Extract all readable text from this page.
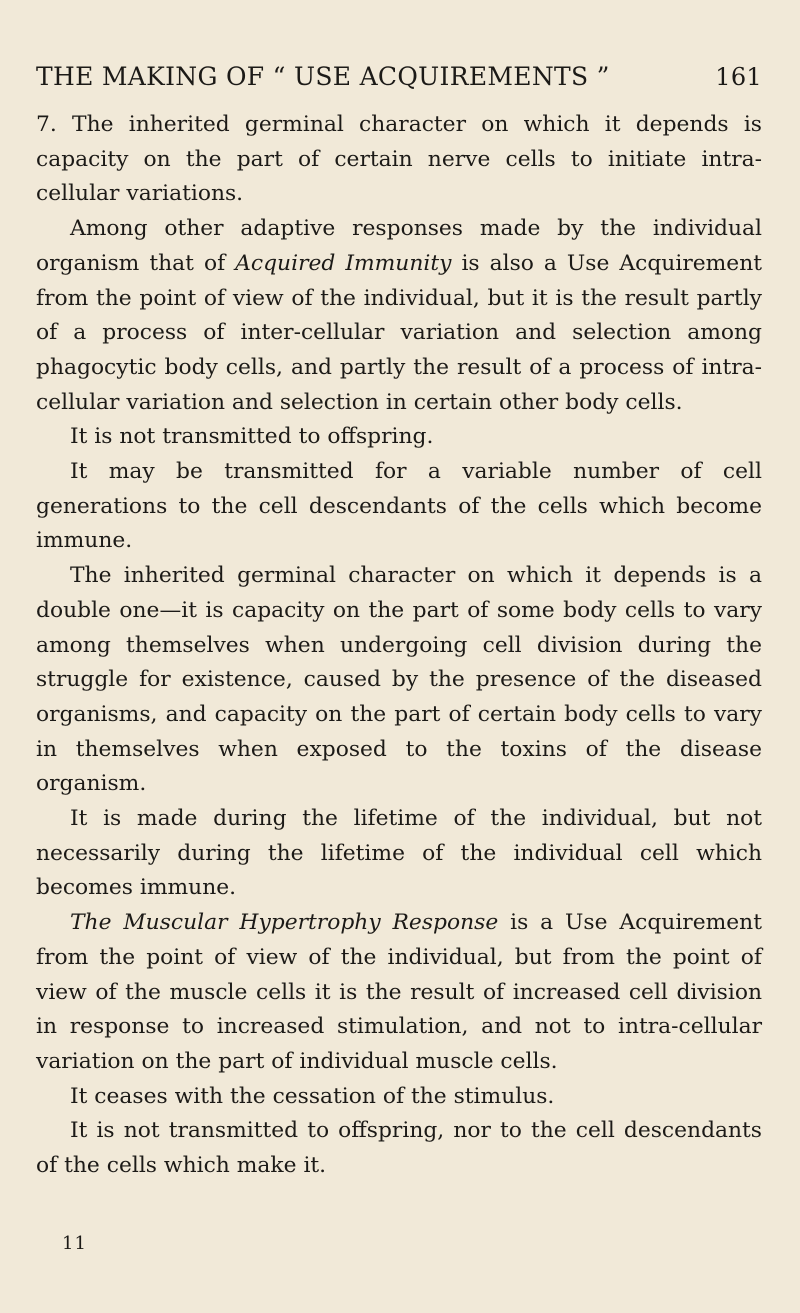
THE MAKING OF “ USE ACQUIREMENTS ”	161

7. The inherited germinal character on which it depends is capacity on the part of certain nerve cells to initiate intra-cellular variations.

Among other adaptive responses made by the individual organism that of Acquired Immunity is also a Use Acquirement from the point of view of the individual, but it is the result partly of a process of inter-cellular variation and selection among phagocytic body cells, and partly the result of a process of intra-cellular variation and selection in certain other body cells.

It is not transmitted to offspring.

It may be transmitted for a variable number of cell generations to the cell descendants of the cells which become immune.

The inherited germinal character on which it depends is a double one—it is capacity on the part of some body cells to vary among themselves when undergoing cell division during the struggle for existence, caused by the presence of the diseased organisms, and capacity on the part of certain body cells to vary in themselves when exposed to the toxins of the disease organism.

It is made during the lifetime of the individual, but not necessarily during the lifetime of the individual cell which becomes immune.

The Muscular Hypertrophy Response is a Use Acquirement from the point of view of the individual, but from the point of view of the muscle cells it is the result of increased cell division in response to increased stimulation, and not to intra-cellular variation on the part of individual muscle cells.

It ceases with the cessation of the stimulus.

It is not transmitted to offspring, nor to the cell descendants of the cells which make it.

11
